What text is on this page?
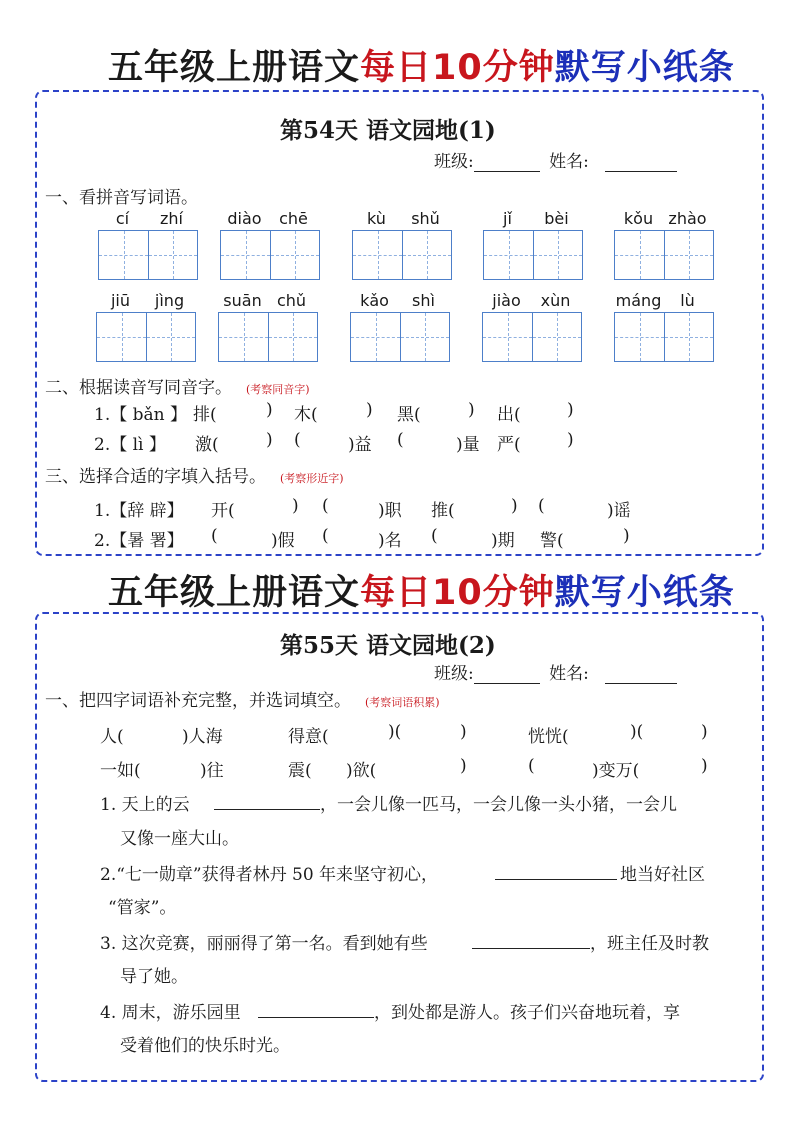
五年级上册语文每日10分钟默写小纸条
第54天 语文园地(1)
班级:	姓名:
一、看拼音写词语。
cí	zhí	diào	chē	kù	shǔ	jǐ	bèi	kǒu zhào
jiū	jìng	suān chǔ	kǎo	shì	jiào	xùn	máng	lù
二、根据读音写同音字。 (考察同音字)
1.【 bǎn 】 排(	) 木(	) 黑(	) 出(	)
2.【 lì 】 激(	) (	)益 (	)量 严(	)
三、选择合适的字填入括号。 (考察形近字)
1.【辞 辟】 开(	) (	)职 推(	) (	)谣
2.【暑 署】 (	)假 (	)名 (	)期 警(	)
五年级上册语文每日10分钟默写小纸条
第55天 语文园地(2)
班级:	姓名:
一、把四字词语补充完整，并选词填空。 (考察词语积累)
人(	)人海	得意(	)(	)	恍恍(	)(	)
一如(	)往	震( )欲(	)	(	)变万(	)
1. 天上的云	，一会儿像一匹马，一会儿像一头小猪，一会儿
又像一座大山。
2.“七一勋章”获得者林丹 50 年来坚守初心，	地当好社区
“管家”。
3. 这次竞赛，丽丽得了第一名。看到她有些	，班主任及时教
导了她。
4. 周末，游乐园里	，到处都是游人。孩子们兴奋地玩着，享
受着他们的快乐时光。
